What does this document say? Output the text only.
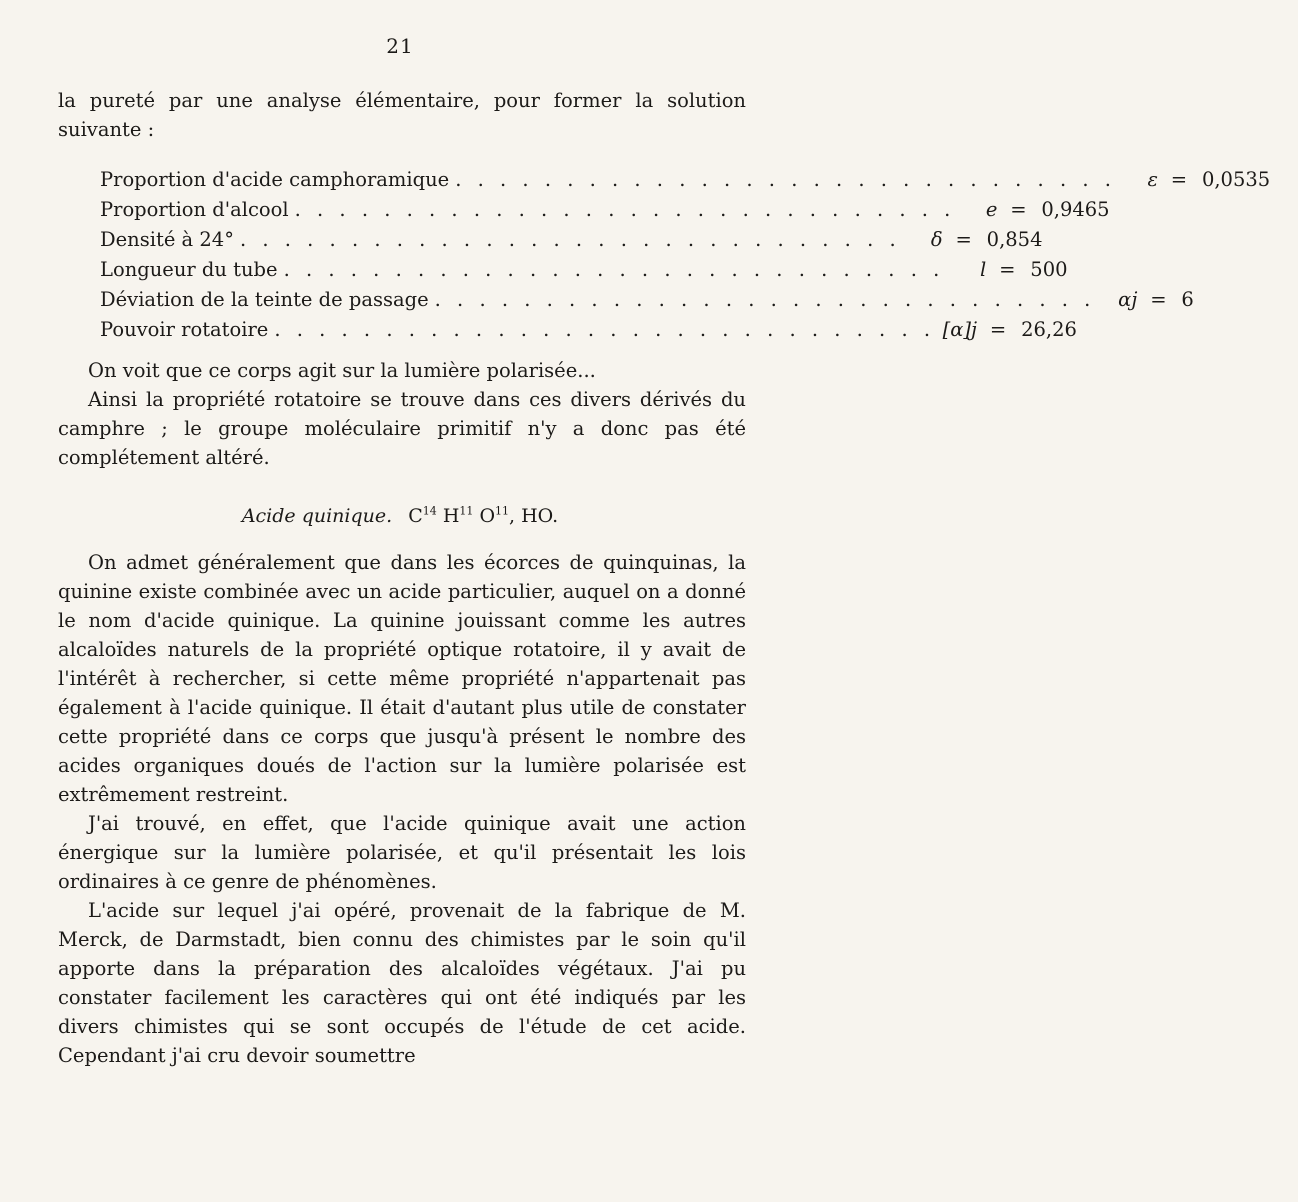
21
la pureté par une analyse élémentaire, pour former la solution suivante :
Proportion d'acide camphoramique . . . . . . . . . . . . . . . . . . . . . . . . . . . . . .	ε = 0,0535
Proportion d'alcool . . . . . . . . . . . . . . . . . . . . . . . . . . . . . .	e = 0,9465
Densité à 24° . . . . . . . . . . . . . . . . . . . . . . . . . . . . . .	δ = 0,854
Longueur du tube . . . . . . . . . . . . . . . . . . . . . . . . . . . . . .	l = 500
Déviation de la teinte de passage . . . . . . . . . . . . . . . . . . . . . . . . . . . . . .	αj = 6
Pouvoir rotatoire . . . . . . . . . . . . . . . . . . . . . . . . . . . . . . [α]j = 26,26
On voit que ce corps agit sur la lumière polarisée...
Ainsi la propriété rotatoire se trouve dans ces divers dérivés du camphre ; le groupe moléculaire primitif n'y a donc pas été complétement altéré.
Acide quinique. $C^{14}$ $H^{11}$ $O^{11}$, HO.
On admet généralement que dans les écorces de quinquinas, la quinine existe combinée avec un acide particulier, auquel on a donné le nom d'acide quinique. La quinine jouissant comme les autres alcaloïdes naturels de la propriété optique rotatoire, il y avait de l'intérêt à rechercher, si cette même propriété n'appartenait pas également à l'acide quinique. Il était d'autant plus utile de constater cette propriété dans ce corps que jusqu'à présent le nombre des acides organiques doués de l'action sur la lumière polarisée est extrêmement restreint.
J'ai trouvé, en effet, que l'acide quinique avait une action énergique sur la lumière polarisée, et qu'il présentait les lois ordinaires à ce genre de phénomènes.
L'acide sur lequel j'ai opéré, provenait de la fabrique de M. Merck, de Darmstadt, bien connu des chimistes par le soin qu'il apporte dans la préparation des alcaloïdes végétaux. J'ai pu constater facilement les caractères qui ont été indiqués par les divers chimistes qui se sont occupés de l'étude de cet acide. Cependant j'ai cru devoir soumettre
